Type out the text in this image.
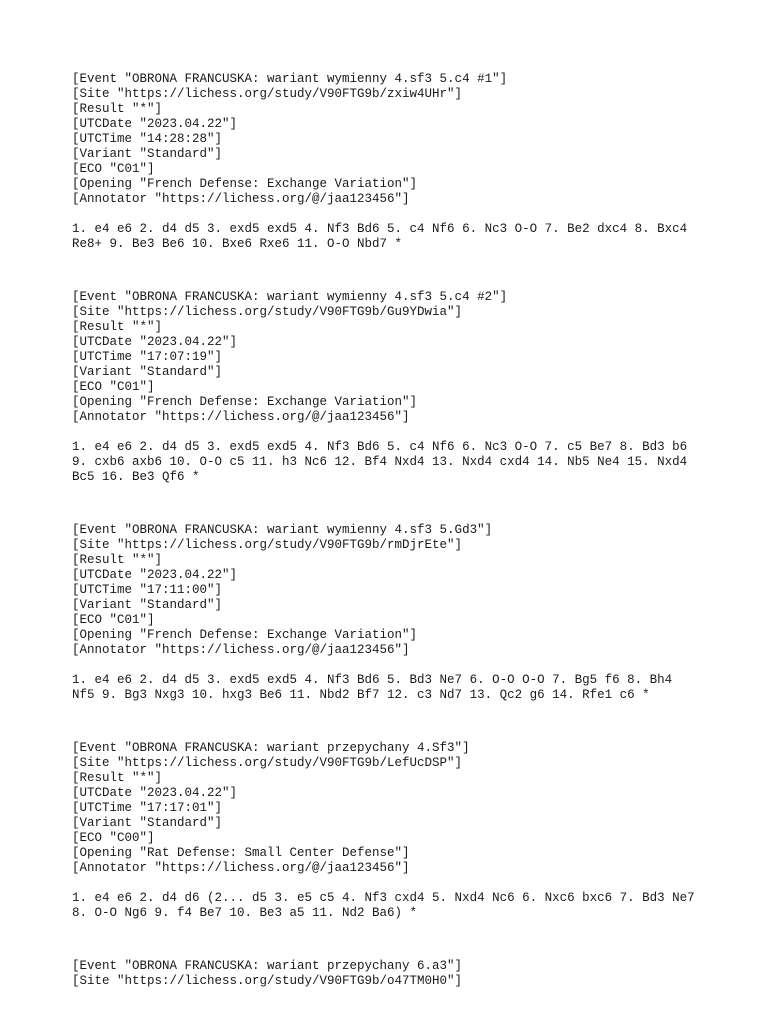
[Event "OBRONA FRANCUSKA: wariant wymienny 4.sf3 5.c4 #1"]
[Site "https://lichess.org/study/V90FTG9b/zxiw4UHr"]
[Result "*"]
[UTCDate "2023.04.22"]
[UTCTime "14:28:28"]
[Variant "Standard"]
[ECO "C01"]
[Opening "French Defense: Exchange Variation"]
[Annotator "https://lichess.org/@/jaa123456"]
1. e4 e6 2. d4 d5 3. exd5 exd5 4. Nf3 Bd6 5. c4 Nf6 6. Nc3 O-O 7. Be2 dxc4 8. Bxc4
Re8+ 9. Be3 Be6 10. Bxe6 Rxe6 11. O-O Nbd7 *
[Event "OBRONA FRANCUSKA: wariant wymienny 4.sf3 5.c4 #2"]
[Site "https://lichess.org/study/V90FTG9b/Gu9YDwia"]
[Result "*"]
[UTCDate "2023.04.22"]
[UTCTime "17:07:19"]
[Variant "Standard"]
[ECO "C01"]
[Opening "French Defense: Exchange Variation"]
[Annotator "https://lichess.org/@/jaa123456"]
1. e4 e6 2. d4 d5 3. exd5 exd5 4. Nf3 Bd6 5. c4 Nf6 6. Nc3 O-O 7. c5 Be7 8. Bd3 b6
9. cxb6 axb6 10. O-O c5 11. h3 Nc6 12. Bf4 Nxd4 13. Nxd4 cxd4 14. Nb5 Ne4 15. Nxd4
Bc5 16. Be3 Qf6 *
[Event "OBRONA FRANCUSKA: wariant wymienny 4.sf3 5.Gd3"]
[Site "https://lichess.org/study/V90FTG9b/rmDjrEte"]
[Result "*"]
[UTCDate "2023.04.22"]
[UTCTime "17:11:00"]
[Variant "Standard"]
[ECO "C01"]
[Opening "French Defense: Exchange Variation"]
[Annotator "https://lichess.org/@/jaa123456"]
1. e4 e6 2. d4 d5 3. exd5 exd5 4. Nf3 Bd6 5. Bd3 Ne7 6. O-O O-O 7. Bg5 f6 8. Bh4
Nf5 9. Bg3 Nxg3 10. hxg3 Be6 11. Nbd2 Bf7 12. c3 Nd7 13. Qc2 g6 14. Rfe1 c6 *
[Event "OBRONA FRANCUSKA: wariant przepychany 4.Sf3"]
[Site "https://lichess.org/study/V90FTG9b/LefUcDSP"]
[Result "*"]
[UTCDate "2023.04.22"]
[UTCTime "17:17:01"]
[Variant "Standard"]
[ECO "C00"]
[Opening "Rat Defense: Small Center Defense"]
[Annotator "https://lichess.org/@/jaa123456"]
1. e4 e6 2. d4 d6 (2... d5 3. e5 c5 4. Nf3 cxd4 5. Nxd4 Nc6 6. Nxc6 bxc6 7. Bd3 Ne7
8. O-O Ng6 9. f4 Be7 10. Be3 a5 11. Nd2 Ba6) *
[Event "OBRONA FRANCUSKA: wariant przepychany 6.a3"]
[Site "https://lichess.org/study/V90FTG9b/o47TM0H0"]
